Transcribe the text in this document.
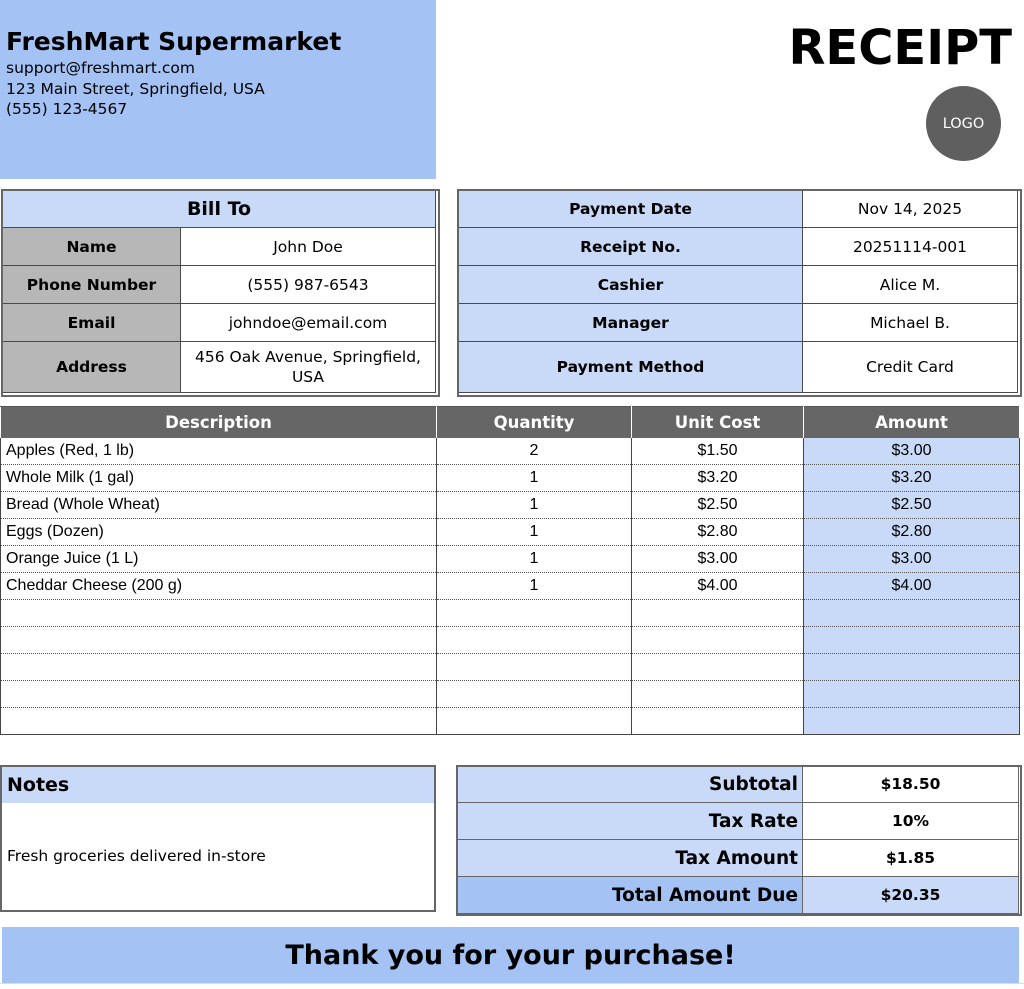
FreshMart Supermarket
support@freshmart.com
123 Main Street, Springfield, USA
(555) 123-4567
RECEIPT
LOGO
Bill To	
Name	John Doe
Phone Number	(555) 987-6543
Email	johndoe@email.com
Address	456 Oak Avenue, Springfield, USA
Payment Date	Nov 14, 2025
Receipt No.	20251114-001
Cashier	Alice M.
Manager	Michael B.
Payment Method	Credit Card
Description	Quantity	Unit Cost	Amount
Apples (Red, 1 lb)	2	$1.50	$3.00
Whole Milk (1 gal)	1	$3.20	$3.20
Bread (Whole Wheat)	1	$2.50	$2.50
Eggs (Dozen)	1	$2.80	$2.80
Orange Juice (1 L)	1	$3.00	$3.00
Cheddar Cheese (200 g)	1	$4.00	$4.00

Notes
Fresh groceries delivered in-store
Subtotal	$18.50
Tax Rate	10%
Tax Amount	$1.85
Total Amount Due	$20.35
Thank you for your purchase!
